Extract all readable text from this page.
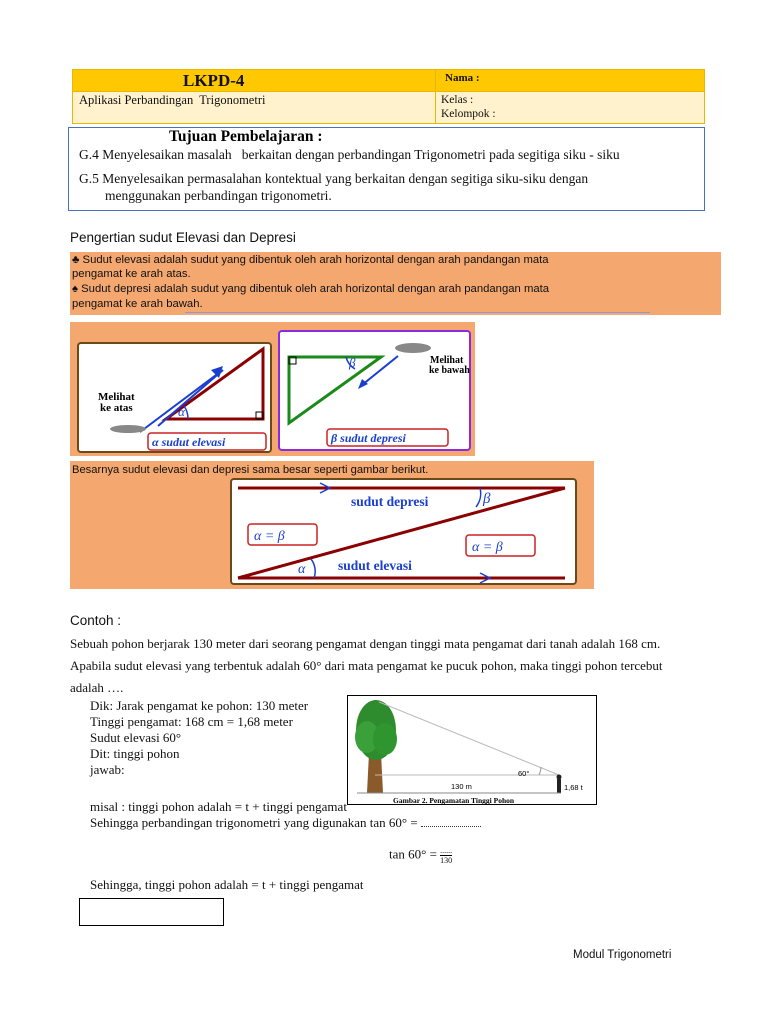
LKPD-4	Nama :
Aplikasi Perbandingan  Trigonometri	Kelas :
Kelompok :
Tujuan Pembelajaran :
G.4 Menyelesaikan masalah   berkaitan dengan perbandingan Trigonometri pada segitiga siku - siku
G.5 Menyelesaikan permasalahan kontektual yang berkaitan dengan segitiga siku-siku dengan
menggunakan perbandingan trigonometri.
Pengertian sudut Elevasi dan Depresi
♣ Sudut elevasi adalah sudut yang dibentuk oleh arah horizontal dengan arah pandangan mata
pengamat ke arah atas.
♠ Sudut depresi adalah sudut yang dibentuk oleh arah horizontal dengan arah pandangan mata
pengamat ke arah bawah.
Melihat
ke atas	α
α sudut elevasi
Melihat
ke bawah
β
β sudut depresi
sudut depresi	β
sudut elevasi
α
α = β
α = β
Besarnya sudut elevasi dan depresi sama besar seperti gambar berikut.
Contoh :
Sebuah pohon berjarak 130 meter dari seorang pengamat dengan tinggi mata pengamat dari tanah adalah 168 cm.
Apabila sudut elevasi yang terbentuk adalah 60° dari mata pengamat ke pucuk pohon, maka tinggi pohon tercebut
adalah ….
Dik: Jarak pengamat ke pohon: 130 meter
Tinggi pengamat: 168 cm = 1,68 meter
Sudut elevasi 60°
Dit: tinggi pohon
jawab:
130 m
60°
1,68 t
Gambar 2. Pengamatan Tinggi Pohon
misal : tinggi pohon adalah = t + tinggi pengamat
Sehingga perbandingan trigonometri yang digunakan tan 60° =
tan 60° = ......
130
Sehingga, tinggi pohon adalah = t + tinggi pengamat
Modul Trigonometri
